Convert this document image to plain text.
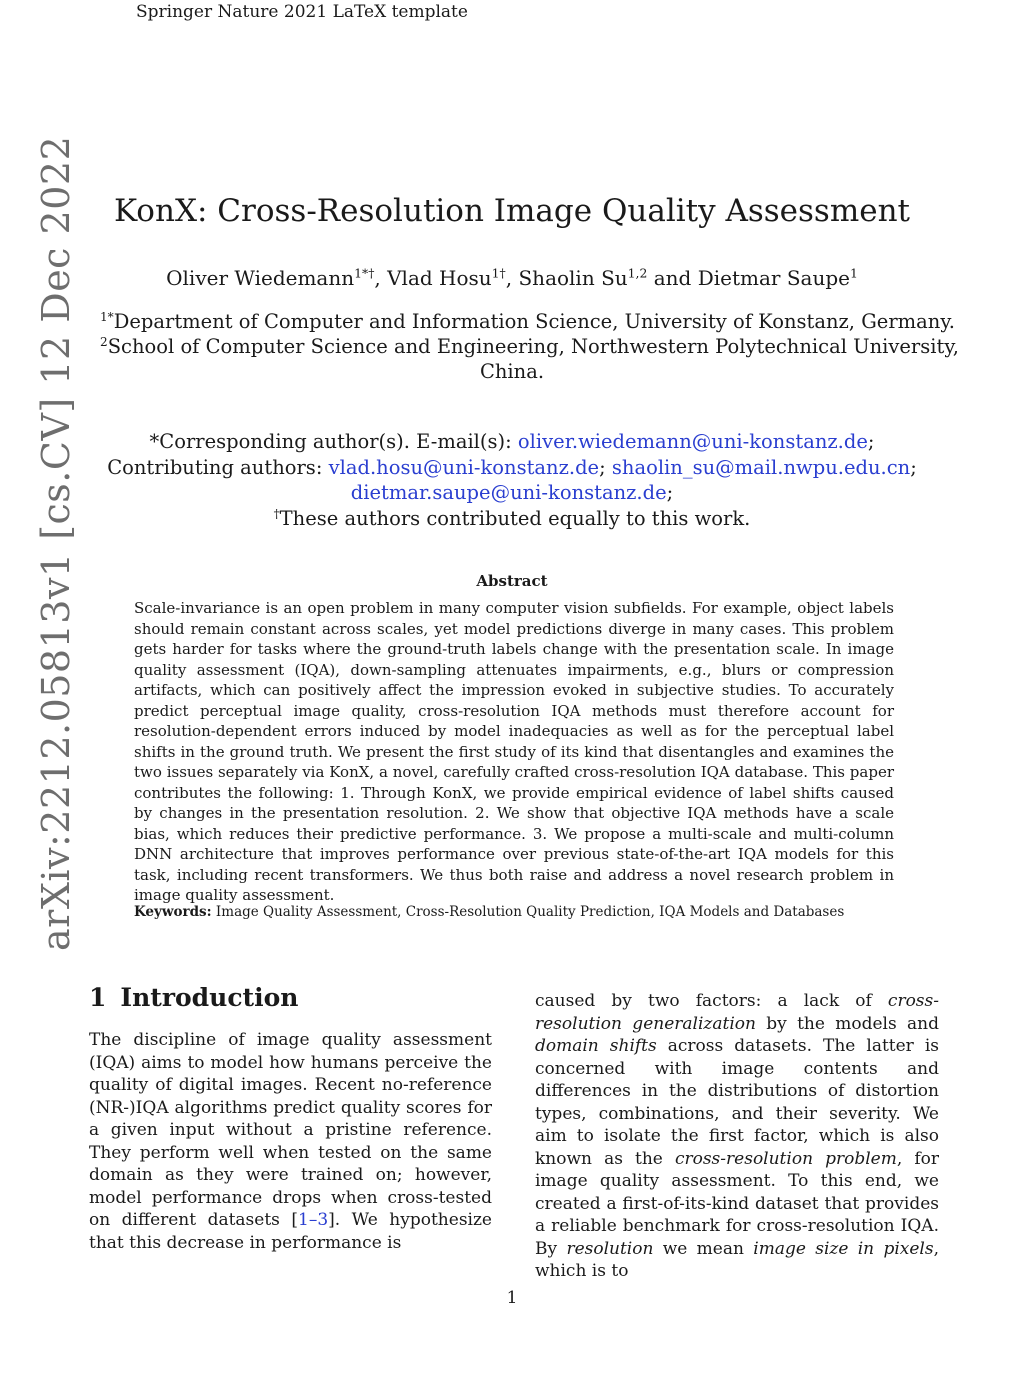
Springer Nature 2021 LaTeX template
arXiv:2212.05813v1 [cs.CV] 12 Dec 2022	KonX: Cross-Resolution Image Quality Assessment
Oliver Wiedemann$^{1*\dagger}$, Vlad Hosu$^{1\dagger}$, Shaolin Su$^{1,2}$ and Dietmar Saupe$^1$
$^{1*}$Department of Computer and Information Science, University of Konstanz, Germany.
$^2$School of Computer Science and Engineering, Northwestern Polytechnical University,
China.
*Corresponding author(s). E-mail(s): oliver.wiedemann@uni-konstanz.de;
Contributing authors: vlad.hosu@uni-konstanz.de; shaolin_su@mail.nwpu.edu.cn;
dietmar.saupe@uni-konstanz.de;
†These authors contributed equally to this work.
Abstract
Scale-invariance is an open problem in many computer vision subfields. For example, object labels should remain constant across scales, yet model predictions diverge in many cases. This problem gets harder for tasks where the ground-truth labels change with the presentation scale. In image quality assessment (IQA), down-sampling attenuates impairments, e.g., blurs or compression artifacts, which can positively affect the impression evoked in subjective studies. To accurately predict perceptual image quality, cross-resolution IQA methods must therefore account for resolution-dependent errors induced by model inadequacies as well as for the perceptual label shifts in the ground truth. We present the first study of its kind that disentangles and examines the two issues separately via KonX, a novel, carefully crafted cross-resolution IQA database. This paper contributes the following: 1. Through KonX, we provide empirical evidence of label shifts caused by changes in the presentation resolution. 2. We show that objective IQA methods have a scale bias, which reduces their predictive performance. 3. We propose a multi-scale and multi-column DNN architecture that improves performance over previous state-of-the-art IQA models for this task, including recent transformers. We thus both raise and address a novel research problem in image quality assessment.
Keywords: Image Quality Assessment, Cross-Resolution Quality Prediction, IQA Models and Databases
1 Introduction
The discipline of image quality assessment (IQA) aims to model how humans perceive the quality of digital images. Recent no-reference (NR-)IQA algorithms predict quality scores for a given input without a pristine reference. They perform well when tested on the same domain as they were trained on; however, model performance drops when cross-tested on different datasets [1–3]. We hypothesize that this decrease in performance is
caused by two factors: a lack of cross-resolution generalization by the models and domain shifts across datasets. The latter is concerned with image contents and differences in the distributions of distortion types, combinations, and their severity. We aim to isolate the first factor, which is also known as the cross-resolution problem, for image quality assessment. To this end, we created a first-of-its-kind dataset that provides a reliable benchmark for cross-resolution IQA. By resolution we mean image size in pixels, which is to
1
